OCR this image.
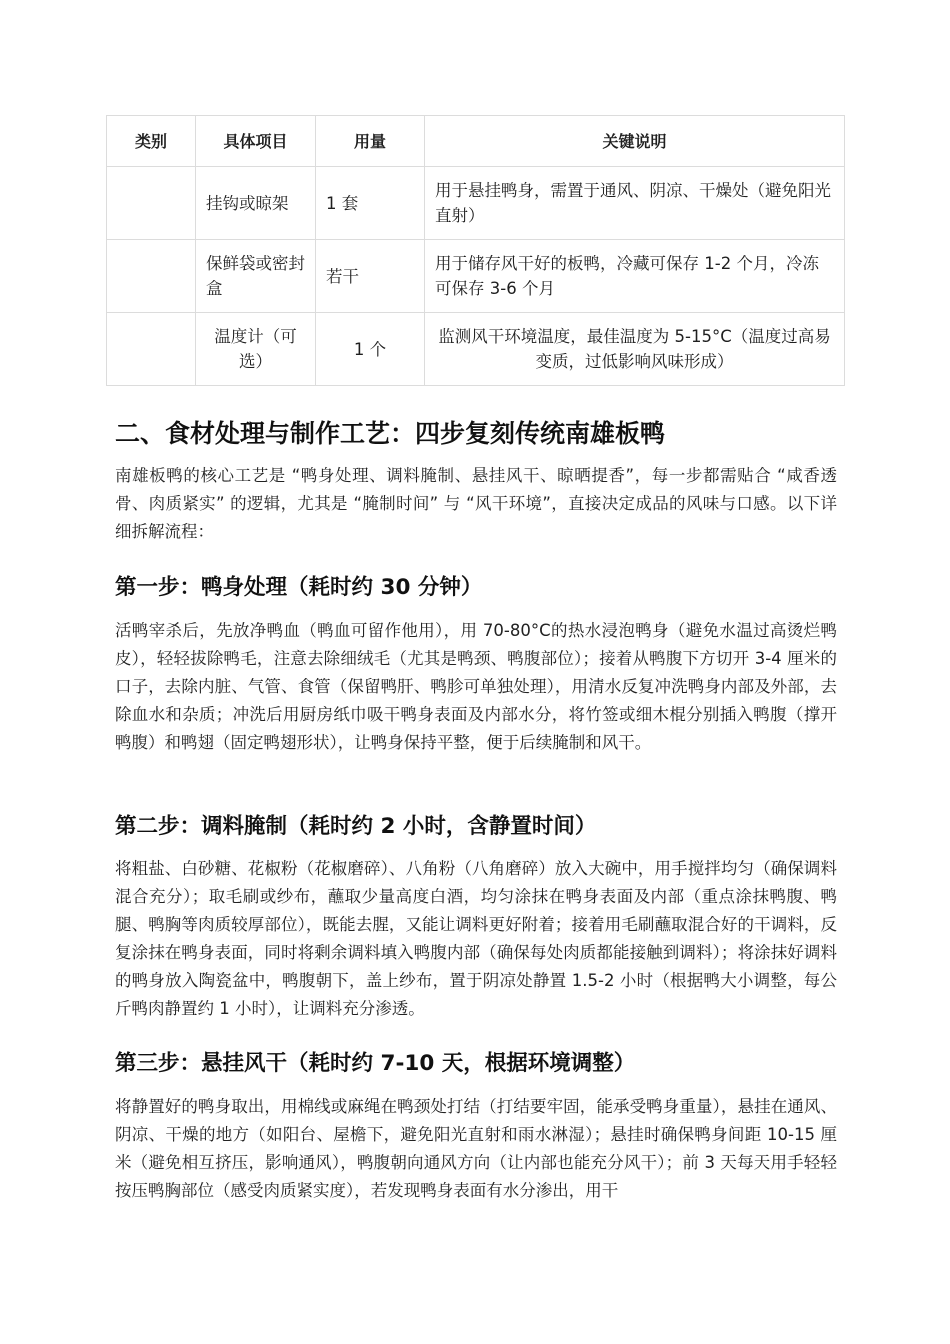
类别	具体项目	用量	关键说明
	挂钩或晾架	1 套	用于悬挂鸭身，需置于通风、阴凉、干燥处（避免阳光直射）
	保鲜袋或密封盒	若干	用于储存风干好的板鸭，冷藏可保存 1-2 个月，冷冻可保存 3-6 个月
	温度计（可选）	1 个	监测风干环境温度，最佳温度为 5-15°C（温度过高易变质，过低影响风味形成）
二、食材处理与制作工艺：四步复刻传统南雄板鸭

南雄板鸭的核心工艺是 “鸭身处理、调料腌制、悬挂风干、晾晒提香”，每一步都需贴合 “咸香透骨、肉质紧实” 的逻辑，尤其是 “腌制时间” 与 “风干环境”，直接决定成品的风味与口感。以下详细拆解流程：

第一步：鸭身处理（耗时约 30 分钟）

活鸭宰杀后，先放净鸭血（鸭血可留作他用），用 70-80°C的热水浸泡鸭身（避免水温过高烫烂鸭皮），轻轻拔除鸭毛，注意去除细绒毛（尤其是鸭颈、鸭腹部位）；接着从鸭腹下方切开 3-4 厘米的口子，去除内脏、气管、食管（保留鸭肝、鸭胗可单独处理），用清水反复冲洗鸭身内部及外部，去除血水和杂质；冲洗后用厨房纸巾吸干鸭身表面及内部水分，将竹签或细木棍分别插入鸭腹（撑开鸭腹）和鸭翅（固定鸭翅形状），让鸭身保持平整，便于后续腌制和风干。

第二步：调料腌制（耗时约 2 小时，含静置时间）

将粗盐、白砂糖、花椒粉（花椒磨碎）、八角粉（八角磨碎）放入大碗中，用手搅拌均匀（确保调料混合充分）；取毛刷或纱布，蘸取少量高度白酒，均匀涂抹在鸭身表面及内部（重点涂抹鸭腹、鸭腿、鸭胸等肉质较厚部位），既能去腥，又能让调料更好附着；接着用毛刷蘸取混合好的干调料，反复涂抹在鸭身表面，同时将剩余调料填入鸭腹内部（确保每处肉质都能接触到调料）；将涂抹好调料的鸭身放入陶瓷盆中，鸭腹朝下，盖上纱布，置于阴凉处静置 1.5-2 小时（根据鸭大小调整，每公斤鸭肉静置约 1 小时），让调料充分渗透。

第三步：悬挂风干（耗时约 7-10 天，根据环境调整）

将静置好的鸭身取出，用棉线或麻绳在鸭颈处打结（打结要牢固，能承受鸭身重量），悬挂在通风、阴凉、干燥的地方（如阳台、屋檐下，避免阳光直射和雨水淋湿）；悬挂时确保鸭身间距 10-15 厘米（避免相互挤压，影响通风），鸭腹朝向通风方向（让内部也能充分风干）；前 3 天每天用手轻轻按压鸭胸部位（感受肉质紧实度），若发现鸭身表面有水分渗出，用干
